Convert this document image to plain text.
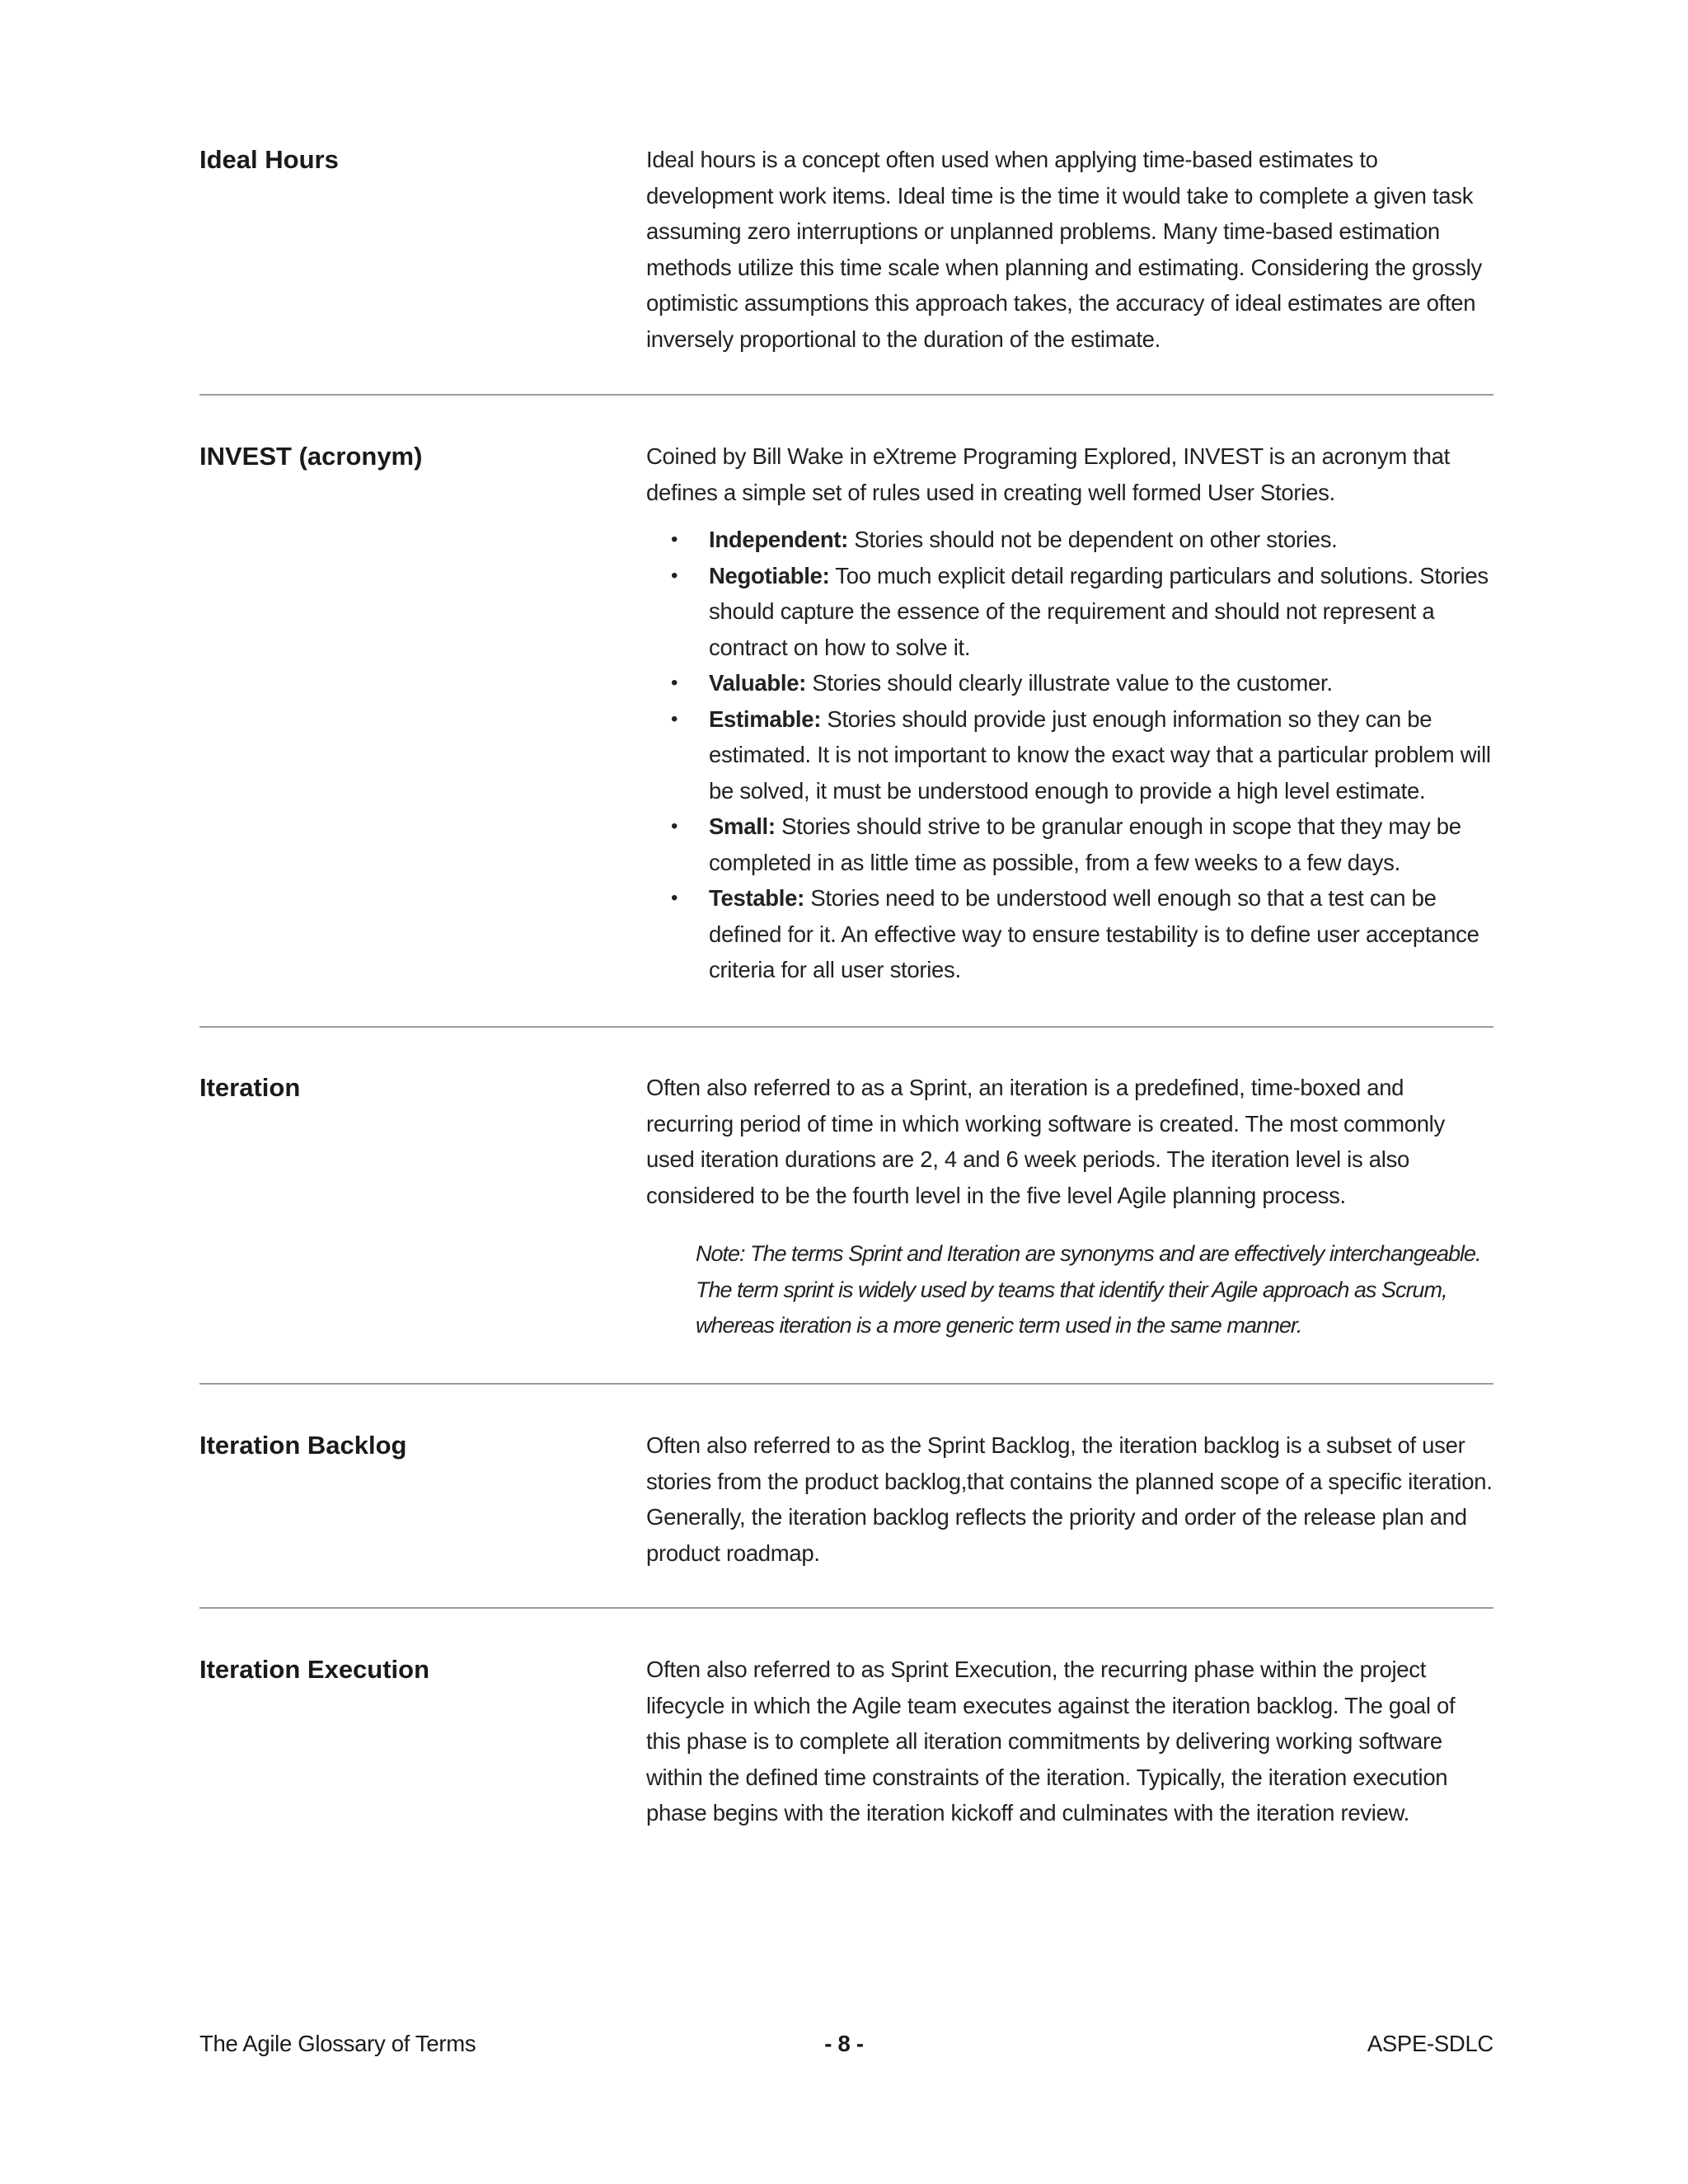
Ideal Hours	Ideal hours is a concept often used when applying time-based estimates to development work items. Ideal time is the time it would take to complete a given task assuming zero interruptions or unplanned problems. Many time-based estimation methods utilize this time scale when planning and estimating. Considering the grossly optimistic assumptions this approach takes, the accuracy of ideal estimates are often inversely proportional to the duration of the estimate.

INVEST (acronym)	Coined by Bill Wake in eXtreme Programing Explored, INVEST is an acronym that defines a simple set of rules used in creating well formed User Stories.

• Independent: Stories should not be dependent on other stories.
• Negotiable: Too much explicit detail regarding particulars and solutions. Stories should capture the essence of the requirement and should not represent a contract on how to solve it.
• Valuable: Stories should clearly illustrate value to the customer.
• Estimable: Stories should provide just enough information so they can be estimated. It is not important to know the exact way that a particular problem will be solved, it must be understood enough to provide a high level estimate.
• Small: Stories should strive to be granular enough in scope that they may be completed in as little time as possible, from a few weeks to a few days.
• Testable: Stories need to be understood well enough so that a test can be defined for it. An effective way to ensure testability is to define user acceptance criteria for all user stories.
Iteration	Often also referred to as a Sprint, an iteration is a predefined, time-boxed and recurring period of time in which working software is created. The most commonly used iteration durations are 2, 4 and 6 week periods. The iteration level is also considered to be the fourth level in the five level Agile planning process.

Note: The terms Sprint and Iteration are synonyms and are effectively interchangeable. The term sprint is widely used by teams that identify their Agile approach as Scrum, whereas iteration is a more generic term used in the same manner.

Iteration Backlog	Often also referred to as the Sprint Backlog, the iteration backlog is a subset of user stories from the product backlog,that contains the planned scope of a specific iteration. Generally, the iteration backlog reflects the priority and order of the release plan and product roadmap.

Iteration Execution	Often also referred to as Sprint Execution, the recurring phase within the project lifecycle in which the Agile team executes against the iteration backlog. The goal of this phase is to complete all iteration commitments by delivering working software within the defined time constraints of the iteration. Typically, the iteration execution phase begins with the iteration kickoff and culminates with the iteration review.

The Agile Glossary of Terms	- 8 -	ASPE-SDLC
